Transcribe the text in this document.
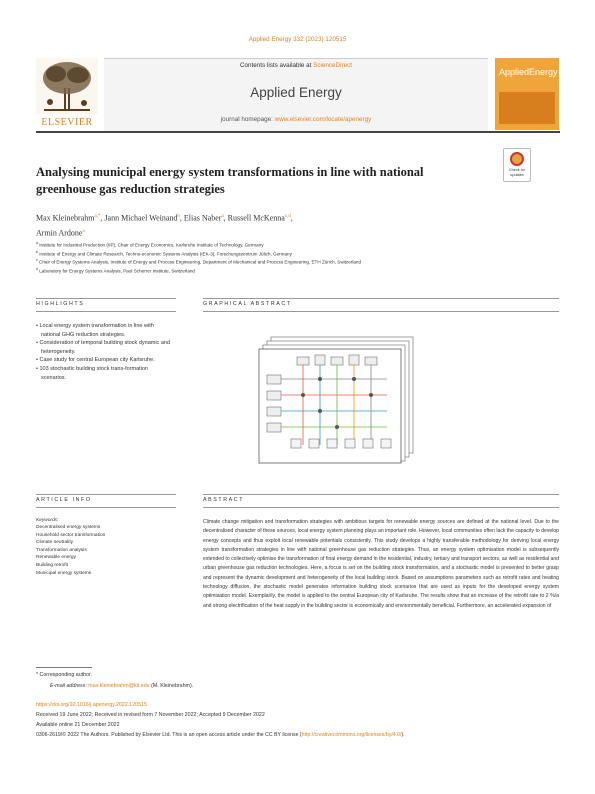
Applied Energy 332 (2023) 120515
Contents lists available at ScienceDirect
Applied Energy
journal homepage: www.elsevier.com/locate/apenergy
ELSEVIER
AppliedEnergy
Analysing municipal energy system transformations in line with national greenhouse gas reduction strategies
Check for updates
Max Kleinebrahm$^{a,*}$, Jann Michael Weinand$^b$, Elias Naber$^a$, Russell McKenna$^{c,d}$,
Armin Ardone$^a$
$^a$ Institute for Industrial Production (IIP), Chair of Energy Economics, Karlsruhe Institute of Technology, Germany
$^b$ Institute of Energy and Climate Research, Techno-economic Systems Analysis (IEK-3), Forschungszentrum Jülich, Germany
$^c$ Chair of Energy Systems Analysis, Institute of Energy and Process Engineering, Department of Mechanical and Process Engineering, ETH Zürich, Switzerland
$^d$ Laboratory for Energy Systems Analysis, Paul Scherrer Institute, Switzerland
HIGHLIGHTS
• Local energy system transformation in line with national GHG reduction strategies.
• Consideration of temporal building stock dynamic and heterogeneity.
• Case study for central European city Karlsruhe.
• 103 stochastic building stock trans-formation scenarios.
GRAPHICAL ABSTRACT
ARTICLE INFO
Keywords:
Decentralised energy systems
Household sector transformation
Climate neutrality
Transformation analysis
Renewable energy
Building retrofit
Municipal energy systems
ABSTRACT
Climate change mitigation and transformation strategies with ambitious targets for renewable energy sources are defined at the national level. Due to the decentralised character of these sources, local energy system planning plays an important role. However, local communities often lack the capacity to develop energy concepts and thus exploit local renewable potentials consistently. This study develops a highly transferable methodology for deriving local energy system transformation strategies in line with national greenhouse gas reduction strategies. Thus, an energy system optimisation model is subsequently extended to collectively optimise the transformation of final energy demand in the residential, industry, tertiary and transport sectors, as well as residential and urban greenhouse gas reduction technologies. Here, a focus is set on the building stock transformation, and a stochastic model is presented to better grasp and represent the dynamic development and heterogeneity of the local building stock. Based on assumptions parameters such as retrofit rates and heating technology diffusion, the stochastic model generates information building stock scenarios that are used as inputs for the developed energy system optimisation model. Exemplarily, the model is applied to the central European city of Karlsruhe. The results show that an increase of the retrofit rate to 2 %/a and strong electrification of the heat supply in the building sector is economically and environmentally beneficial. Furthermore, an accelerated expansion of
* Corresponding author.
E-mail address: max.kleinebrahm@kit.edu (M. Kleinebrahm).
https://doi.org/10.1016/j.apenergy.2022.120515
Received 19 June 2022; Received in revised form 7 November 2022; Accepted 9 December 2022
Available online 21 December 2022
0306-2619/© 2022 The Authors. Published by Elsevier Ltd. This is an open access article under the CC BY license (http://creativecommons.org/licenses/by/4.0/).
